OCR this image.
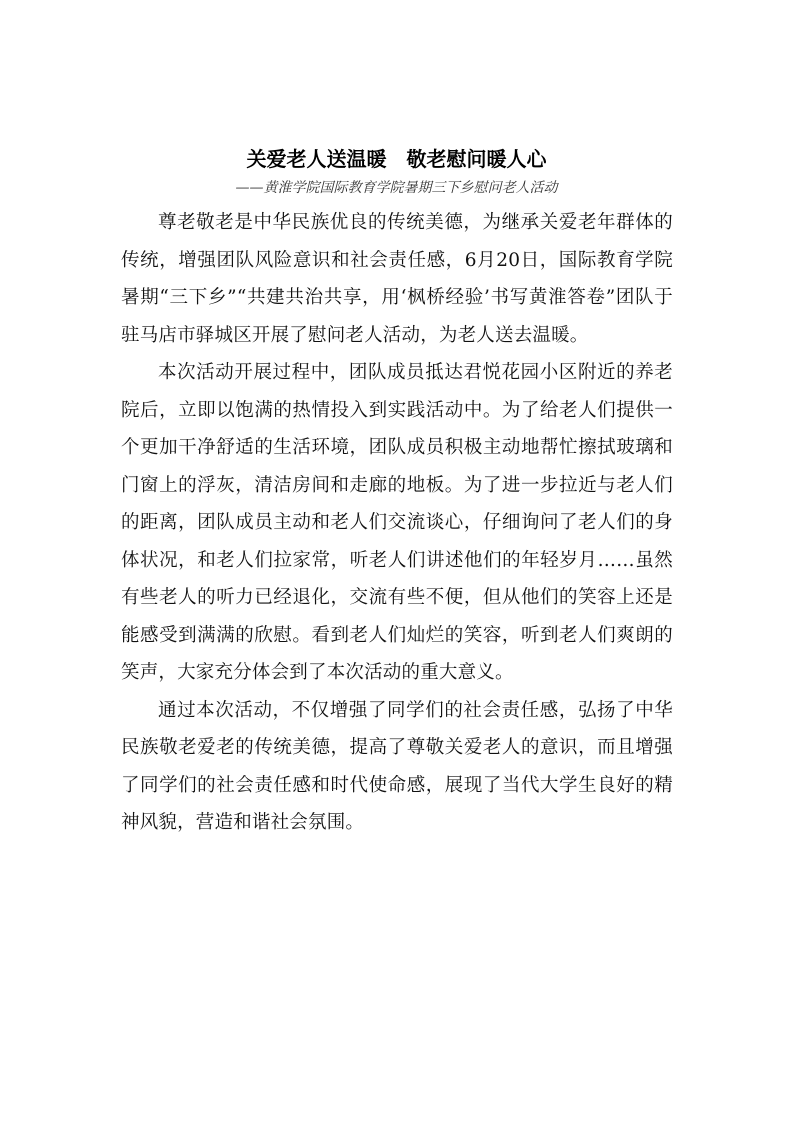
关爱老人送温暖　敬老慰问暖人心
——黄淮学院国际教育学院暑期三下乡慰问老人活动

尊老敬老是中华民族优良的传统美德，为继承关爱老年群体的传统，增强团队风险意识和社会责任感，6月20日，国际教育学院暑期“三下乡”“共建共治共享，用‘枫桥经验’书写黄淮答卷”团队于驻马店市驿城区开展了慰问老人活动，为老人送去温暖。

本次活动开展过程中，团队成员抵达君悦花园小区附近的养老院后，立即以饱满的热情投入到实践活动中。为了给老人们提供一个更加干净舒适的生活环境，团队成员积极主动地帮忙擦拭玻璃和门窗上的浮灰，清洁房间和走廊的地板。为了进一步拉近与老人们的距离，团队成员主动和老人们交流谈心，仔细询问了老人们的身体状况，和老人们拉家常，听老人们讲述他们的年轻岁月……虽然有些老人的听力已经退化，交流有些不便，但从他们的笑容上还是能感受到满满的欣慰。看到老人们灿烂的笑容，听到老人们爽朗的笑声，大家充分体会到了本次活动的重大意义。

通过本次活动，不仅增强了同学们的社会责任感，弘扬了中华民族敬老爱老的传统美德，提高了尊敬关爱老人的意识，而且增强了同学们的社会责任感和时代使命感，展现了当代大学生良好的精神风貌，营造和谐社会氛围。
